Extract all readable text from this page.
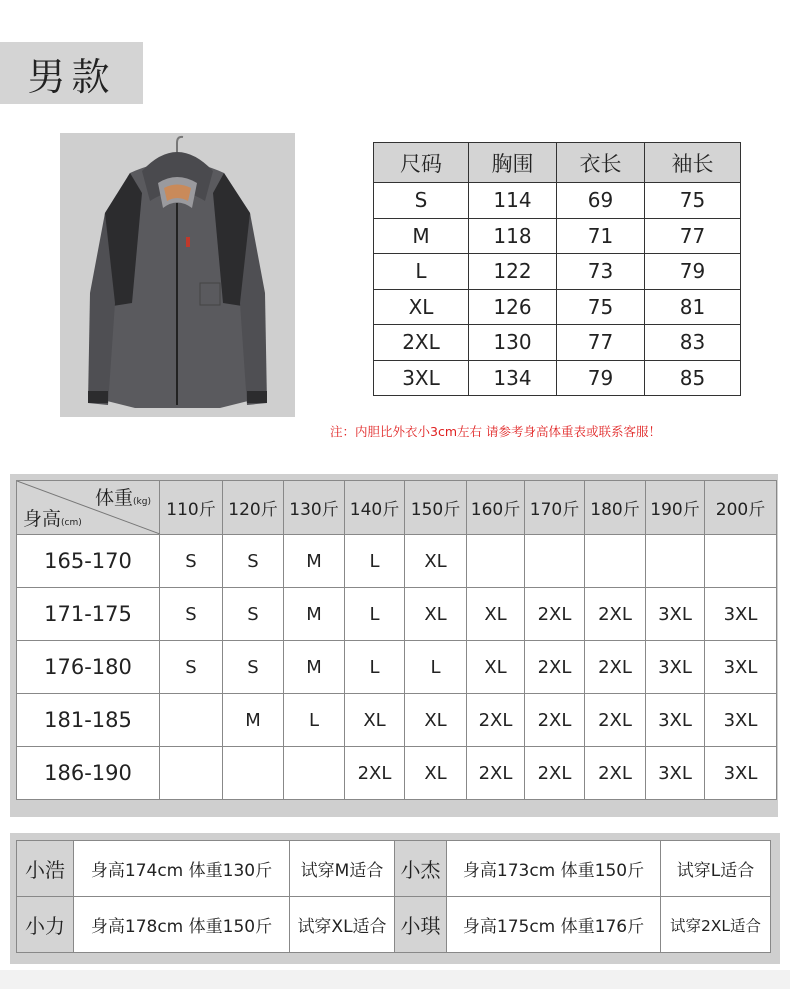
男款
尺码	胸围	衣长	袖长
S	114	69	75
M	118	71	77
L	122	73	79
XL	126	75	81
2XL	130	77	83
3XL	134	79	85
注：内胆比外衣小3cm左右 请参考身高体重表或联系客服！
体重(kg)
身高(cm)	110斤	120斤	130斤	140斤	150斤	160斤	170斤	180斤	190斤	200斤
165-170	S	S	M	L	XL					
171-175	S	S	M	L	XL	XL	2XL	2XL	3XL	3XL
176-180	S	S	M	L	L	XL	2XL	2XL	3XL	3XL
181-185		M	L	XL	XL	2XL	2XL	2XL	3XL	3XL
186-190				2XL	XL	2XL	2XL	2XL	3XL	3XL
小浩	身高174cm 体重130斤	试穿M适合	小杰	身高173cm 体重150斤	试穿L适合
小力	身高178cm 体重150斤	试穿XL适合	小琪	身高175cm 体重176斤	试穿2XL适合
